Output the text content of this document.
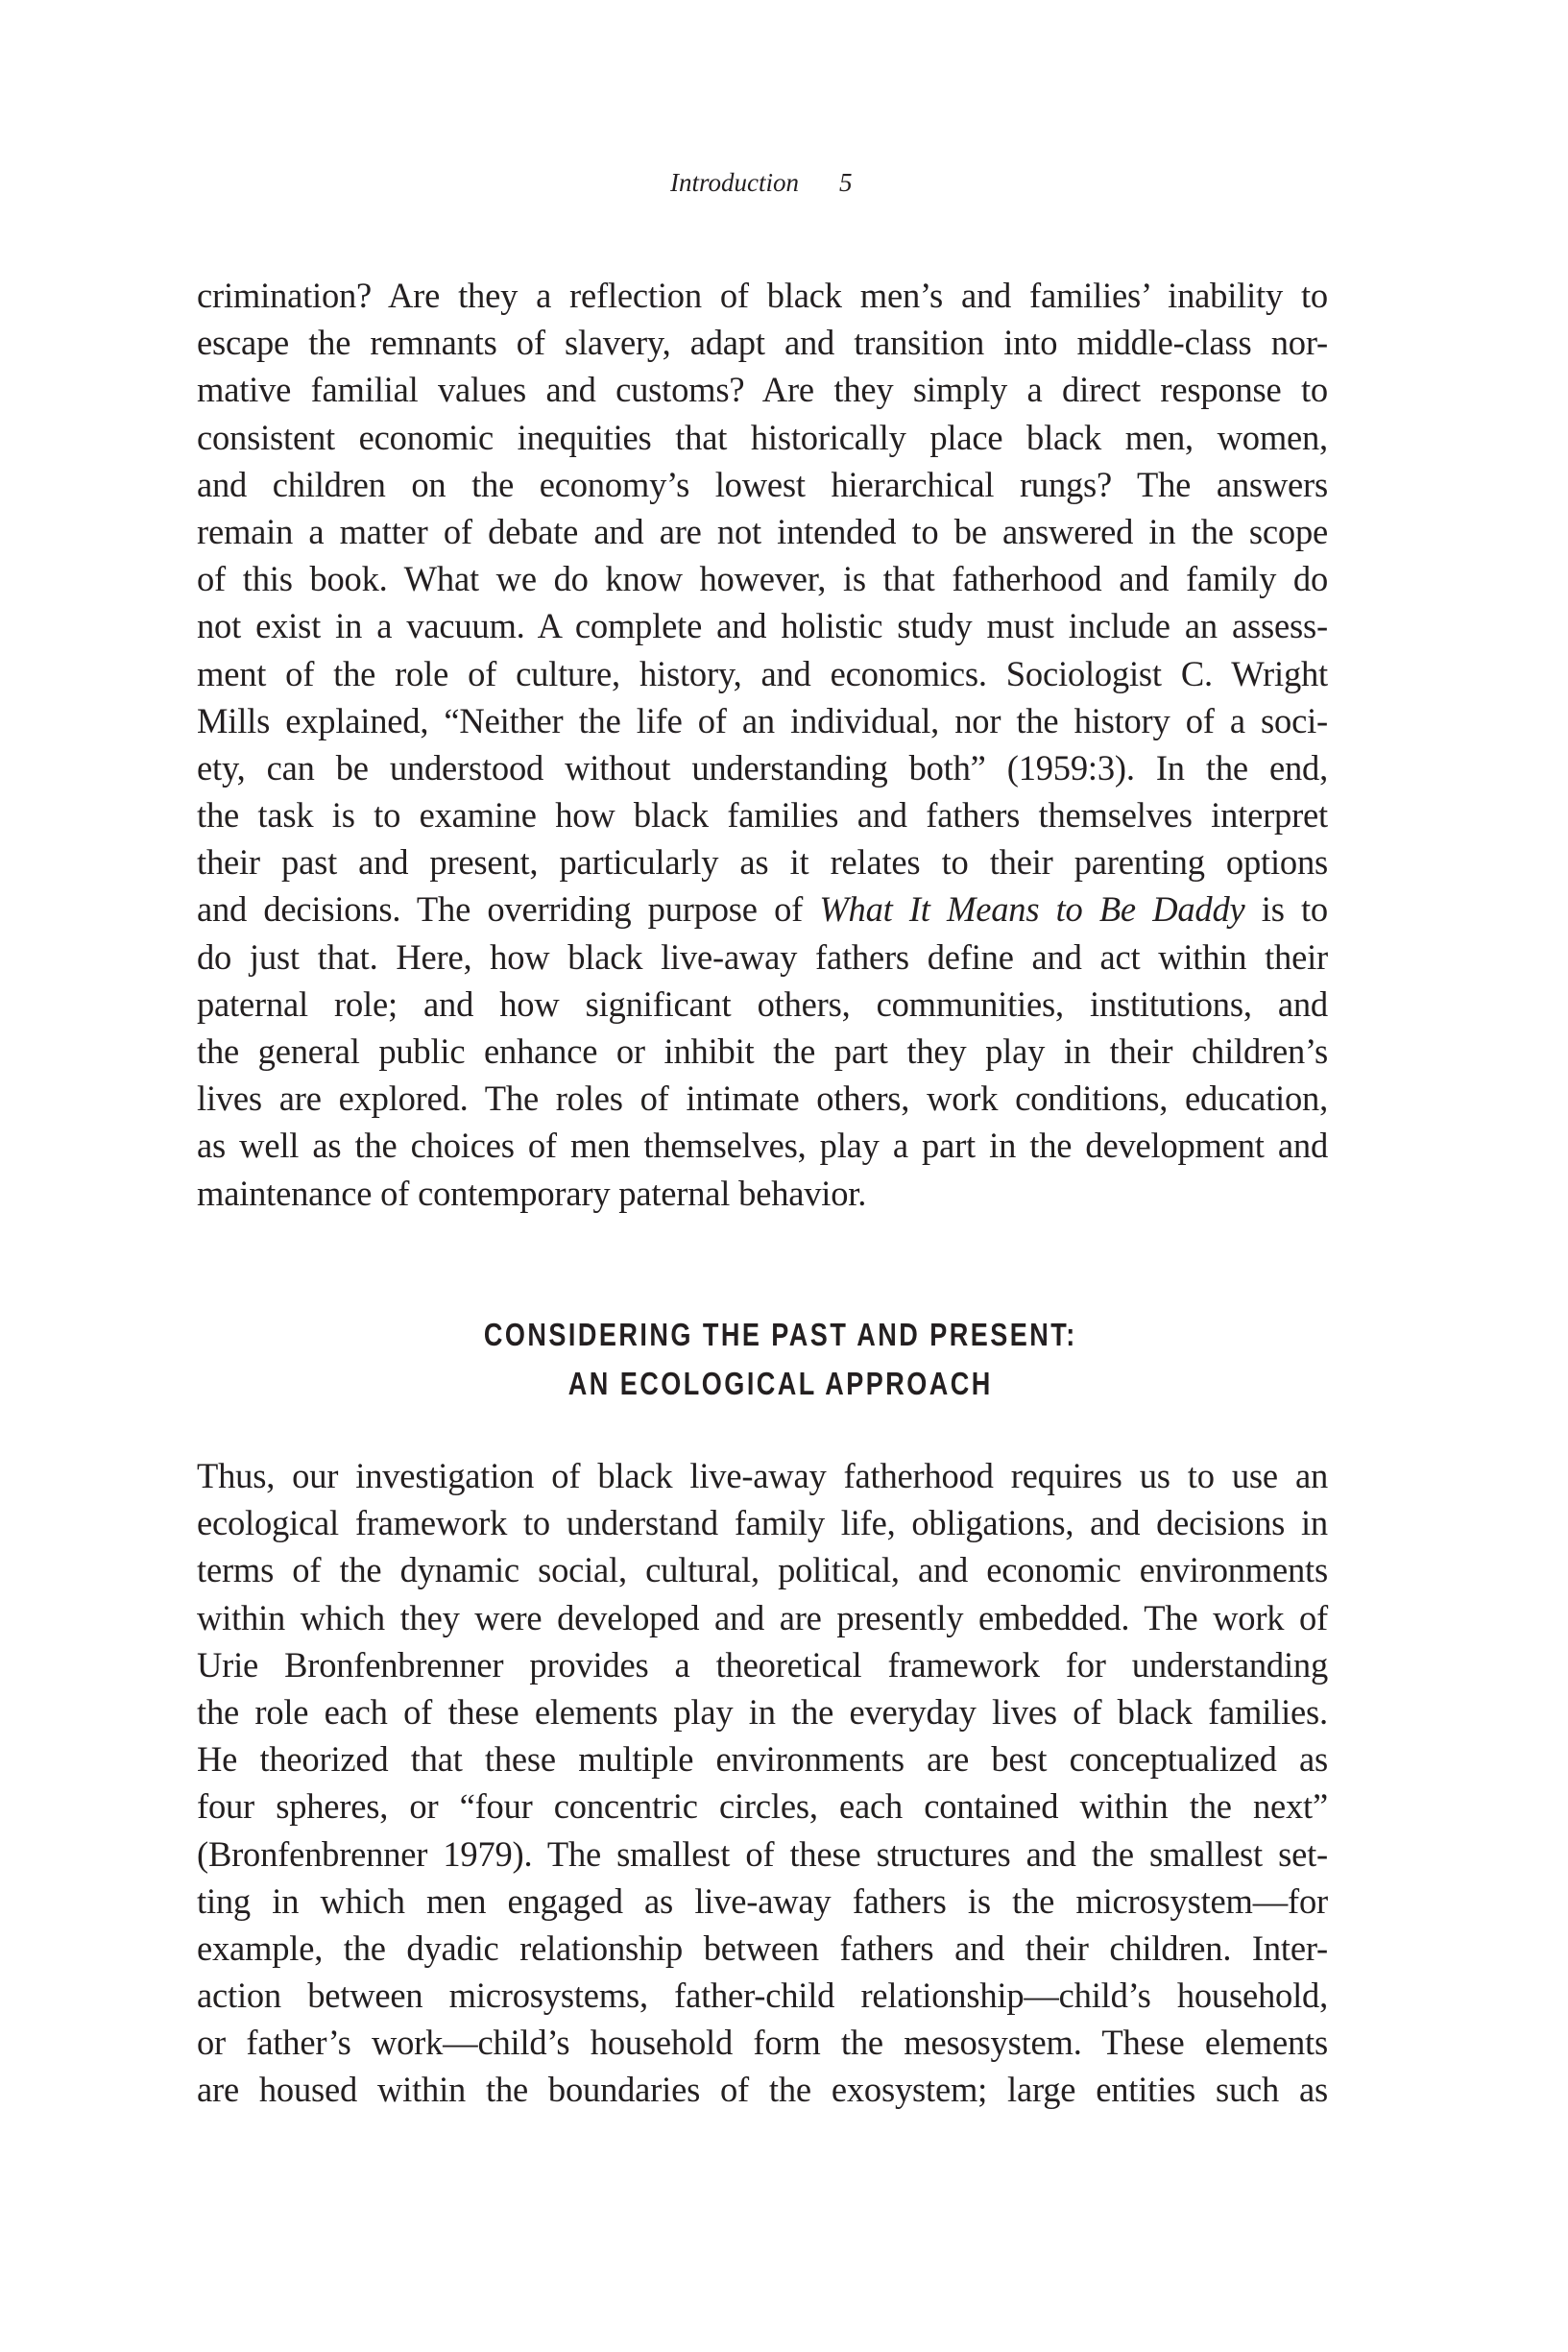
Introduction 5
crimination? Are they a reflection of black men’s and families’ inability to
escape the remnants of slavery, adapt and transition into middle-class nor-
mative familial values and customs? Are they simply a direct response to
consistent economic inequities that historically place black men, women,
and children on the economy’s lowest hierarchical rungs? The answers
remain a matter of debate and are not intended to be answered in the scope
of this book. What we do know however, is that fatherhood and family do
not exist in a vacuum. A complete and holistic study must include an assess-
ment of the role of culture, history, and economics. Sociologist C. Wright
Mills explained, “Neither the life of an individual, nor the history of a soci-
ety, can be understood without understanding both” (1959:3). In the end,
the task is to examine how black families and fathers themselves interpret
their past and present, particularly as it relates to their parenting options
and decisions. The overriding purpose of What It Means to Be Daddy is to
do just that. Here, how black live-away fathers define and act within their
paternal role; and how significant others, communities, institutions, and
the general public enhance or inhibit the part they play in their children’s
lives are explored. The roles of intimate others, work conditions, education,
as well as the choices of men themselves, play a part in the development and
maintenance of contemporary paternal behavior.
CONSIDERING THE PAST AND PRESENT:
AN ECOLOGICAL APPROACH
Thus, our investigation of black live-away fatherhood requires us to use an
ecological framework to understand family life, obligations, and decisions in
terms of the dynamic social, cultural, political, and economic environments
within which they were developed and are presently embedded. The work of
Urie Bronfenbrenner provides a theoretical framework for understanding
the role each of these elements play in the everyday lives of black families.
He theorized that these multiple environments are best conceptualized as
four spheres, or “four concentric circles, each contained within the next”
(Bronfenbrenner 1979). The smallest of these structures and the smallest set-
ting in which men engaged as live-away fathers is the microsystem—for
example, the dyadic relationship between fathers and their children. Inter-
action between microsystems, father-child relationship—child’s household,
or father’s work—child’s household form the mesosystem. These elements
are housed within the boundaries of the exosystem; large entities such as
